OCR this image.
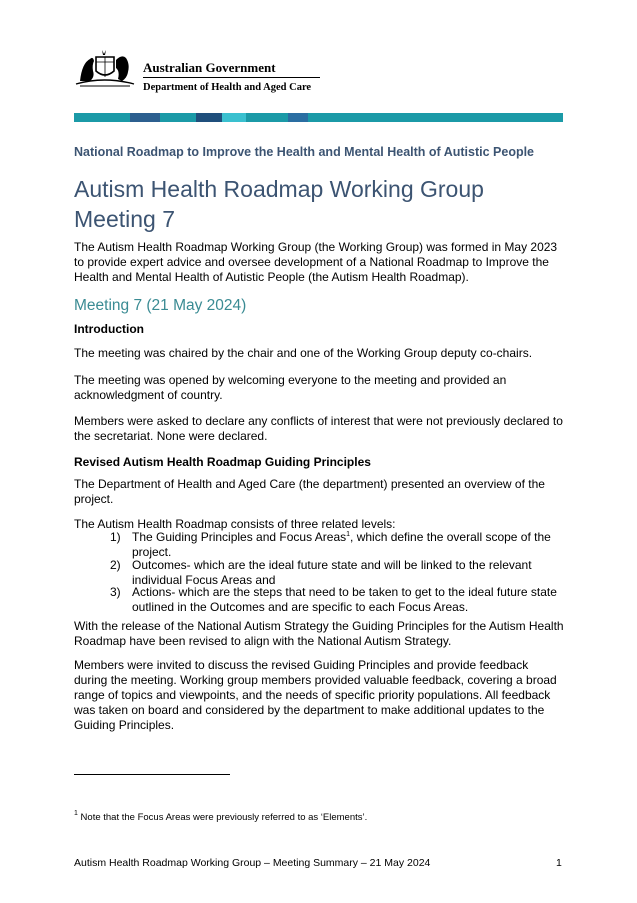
Australian Government
Department of Health and Aged Care
National Roadmap to Improve the Health and Mental Health of Autistic People
Autism Health Roadmap Working Group Meeting 7
The Autism Health Roadmap Working Group (the Working Group) was formed in May 2023 to provide expert advice and oversee development of a National Roadmap to Improve the Health and Mental Health of Autistic People (the Autism Health Roadmap).
Meeting 7 (21 May 2024)
Introduction
The meeting was chaired by the chair and one of the Working Group deputy co-chairs.
The meeting was opened by welcoming everyone to the meeting and provided an acknowledgment of country.
Members were asked to declare any conflicts of interest that were not previously declared to the secretariat. None were declared.
Revised Autism Health Roadmap Guiding Principles
The Department of Health and Aged Care (the department) presented an overview of the project.
The Autism Health Roadmap consists of three related levels:
1) The Guiding Principles and Focus Areas$^1$, which define the overall scope of the project.
2) Outcomes- which are the ideal future state and will be linked to the relevant individual Focus Areas and
3) Actions- which are the steps that need to be taken to get to the ideal future state outlined in the Outcomes and are specific to each Focus Areas.
With the release of the National Autism Strategy the Guiding Principles for the Autism Health Roadmap have been revised to align with the National Autism Strategy.
Members were invited to discuss the revised Guiding Principles and provide feedback during the meeting. Working group members provided valuable feedback, covering a broad range of topics and viewpoints, and the needs of specific priority populations. All feedback was taken on board and considered by the department to make additional updates to the Guiding Principles.
$^1$ Note that the Focus Areas were previously referred to as ‘Elements’.
Autism Health Roadmap Working Group – Meeting Summary – 21 May 2024	1
